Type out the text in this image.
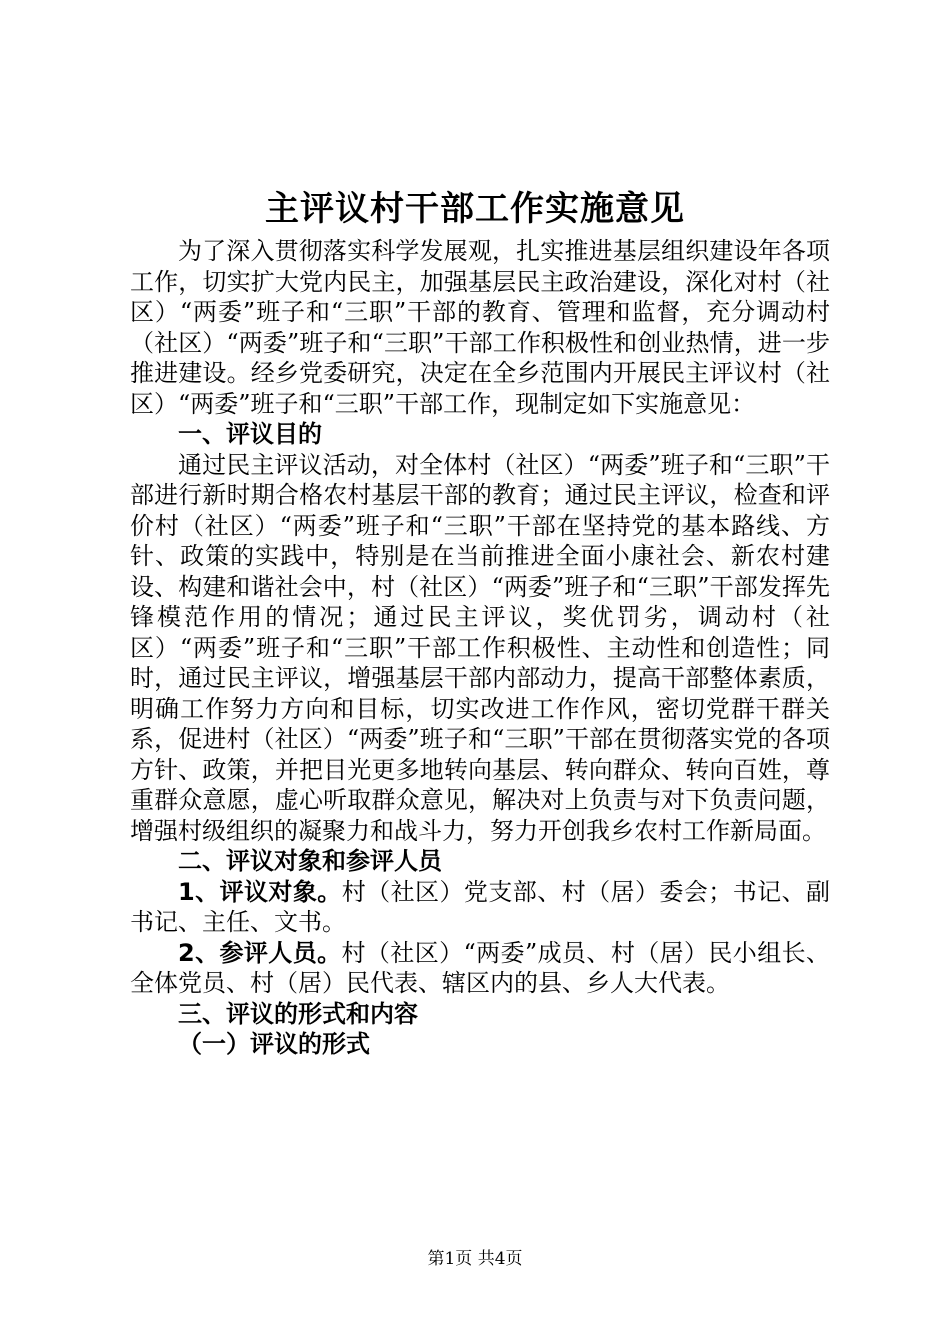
主评议村干部工作实施意见

为了深入贯彻落实科学发展观，扎实推进基层组织建设年各项工作，切实扩大党内民主，加强基层民主政治建设，深化对村（社区）“两委”班子和“三职”干部的教育、管理和监督，充分调动村（社区）“两委”班子和“三职”干部工作积极性和创业热情，进一步推进建设。经乡党委研究，决定在全乡范围内开展民主评议村（社区）“两委”班子和“三职”干部工作，现制定如下实施意见：

一、评议目的

通过民主评议活动，对全体村（社区）“两委”班子和“三职”干部进行新时期合格农村基层干部的教育；通过民主评议，检查和评价村（社区）“两委”班子和“三职”干部在坚持党的基本路线、方针、政策的实践中，特别是在当前推进全面小康社会、新农村建设、构建和谐社会中，村（社区）“两委”班子和“三职”干部发挥先锋模范作用的情况；通过民主评议，奖优罚劣，调动村（社区）“两委”班子和“三职”干部工作积极性、主动性和创造性；同时，通过民主评议，增强基层干部内部动力，提高干部整体素质，明确工作努力方向和目标，切实改进工作作风，密切党群干群关系，促进村（社区）“两委”班子和“三职”干部在贯彻落实党的各项方针、政策，并把目光更多地转向基层、转向群众、转向百姓，尊重群众意愿，虚心听取群众意见，解决对上负责与对下负责问题，增强村级组织的凝聚力和战斗力，努力开创我乡农村工作新局面。

二、评议对象和参评人员

1、评议对象。村（社区）党支部、村（居）委会；书记、副书记、主任、文书。

2、参评人员。村（社区）“两委”成员、村（居）民小组长、全体党员、村（居）民代表、辖区内的县、乡人大代表。

三、评议的形式和内容

（一）评议的形式

第1页 共4页
